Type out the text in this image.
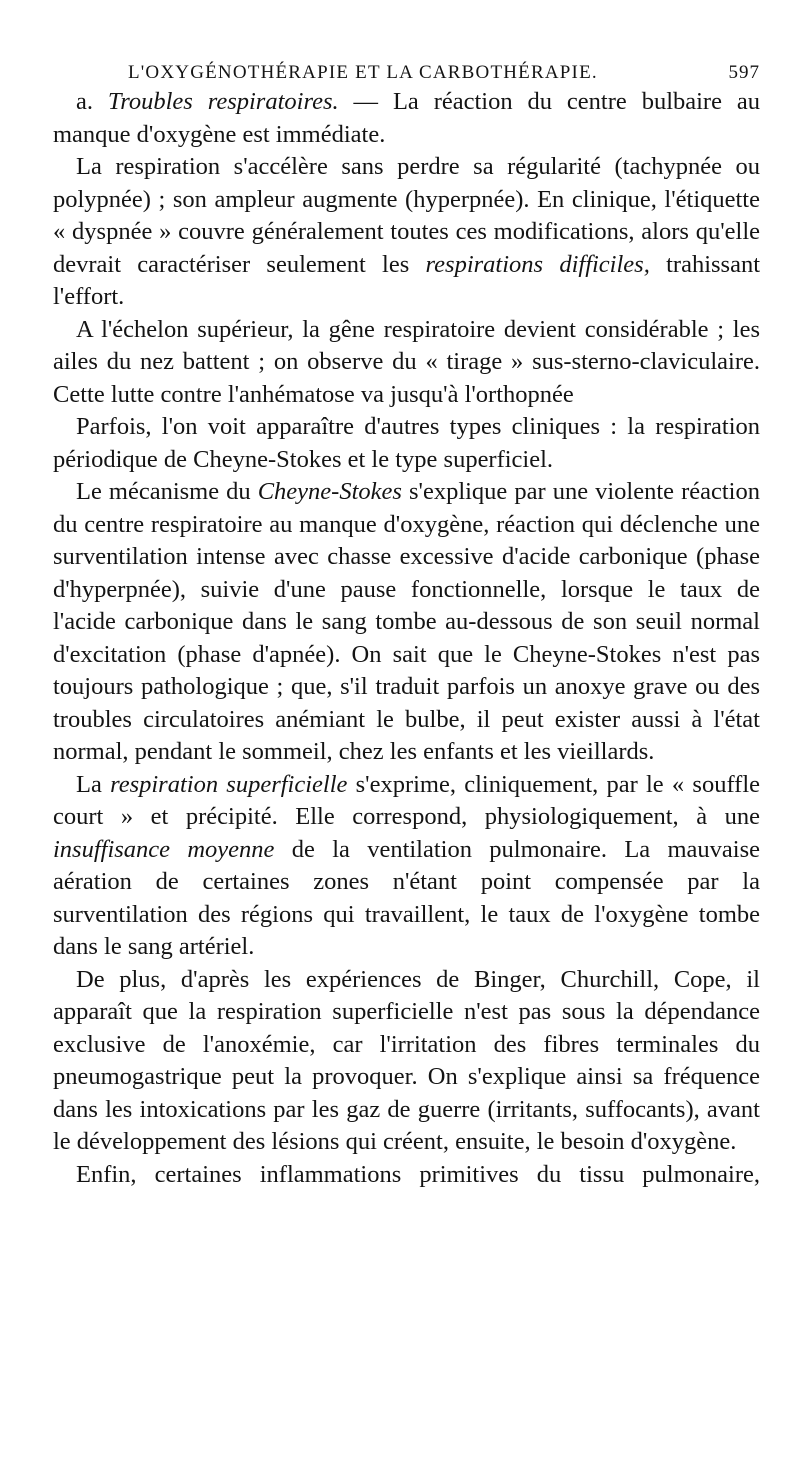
L'OXYGÉNOTHÉRAPIE ET LA CARBOTHÉRAPIE.	597

a. Troubles respiratoires. — La réaction du centre bulbaire au manque d'oxygène est immédiate.

La respiration s'accélère sans perdre sa régularité (tachypnée ou polypnée) ; son ampleur augmente (hyperpnée). En clinique, l'étiquette « dyspnée » couvre généralement toutes ces modifications, alors qu'elle devrait caractériser seulement les respirations difficiles, trahissant l'effort.

A l'échelon supérieur, la gêne respiratoire devient considérable ; les ailes du nez battent ; on observe du « tirage » sus-sterno-claviculaire. Cette lutte contre l'anhématose va jusqu'à l'orthopnée

Parfois, l'on voit apparaître d'autres types cliniques : la respiration périodique de Cheyne-Stokes et le type superficiel.

Le mécanisme du Cheyne-Stokes s'explique par une violente réaction du centre respiratoire au manque d'oxygène, réaction qui déclenche une surventilation intense avec chasse excessive d'acide carbonique (phase d'hyperpnée), suivie d'une pause fonctionnelle, lorsque le taux de l'acide carbonique dans le sang tombe au-dessous de son seuil normal d'excitation (phase d'apnée). On sait que le Cheyne-Stokes n'est pas toujours pathologique ; que, s'il traduit parfois un anoxye grave ou des troubles circulatoires anémiant le bulbe, il peut exister aussi à l'état normal, pendant le sommeil, chez les enfants et les vieillards.

La respiration superficielle s'exprime, cliniquement, par le « souffle court » et précipité. Elle correspond, physiologiquement, à une insuffisance moyenne de la ventilation pulmonaire. La mauvaise aération de certaines zones n'étant point compensée par la surventilation des régions qui travaillent, le taux de l'oxygène tombe dans le sang artériel.

De plus, d'après les expériences de Binger, Churchill, Cope, il apparaît que la respiration superficielle n'est pas sous la dépendance exclusive de l'anoxémie, car l'irritation des fibres terminales du pneumogastrique peut la provoquer. On s'explique ainsi sa fréquence dans les intoxications par les gaz de guerre (irritants, suffocants), avant le développement des lésions qui créent, ensuite, le besoin d'oxygène.

Enfin, certaines inflammations primitives du tissu pulmonaire,
